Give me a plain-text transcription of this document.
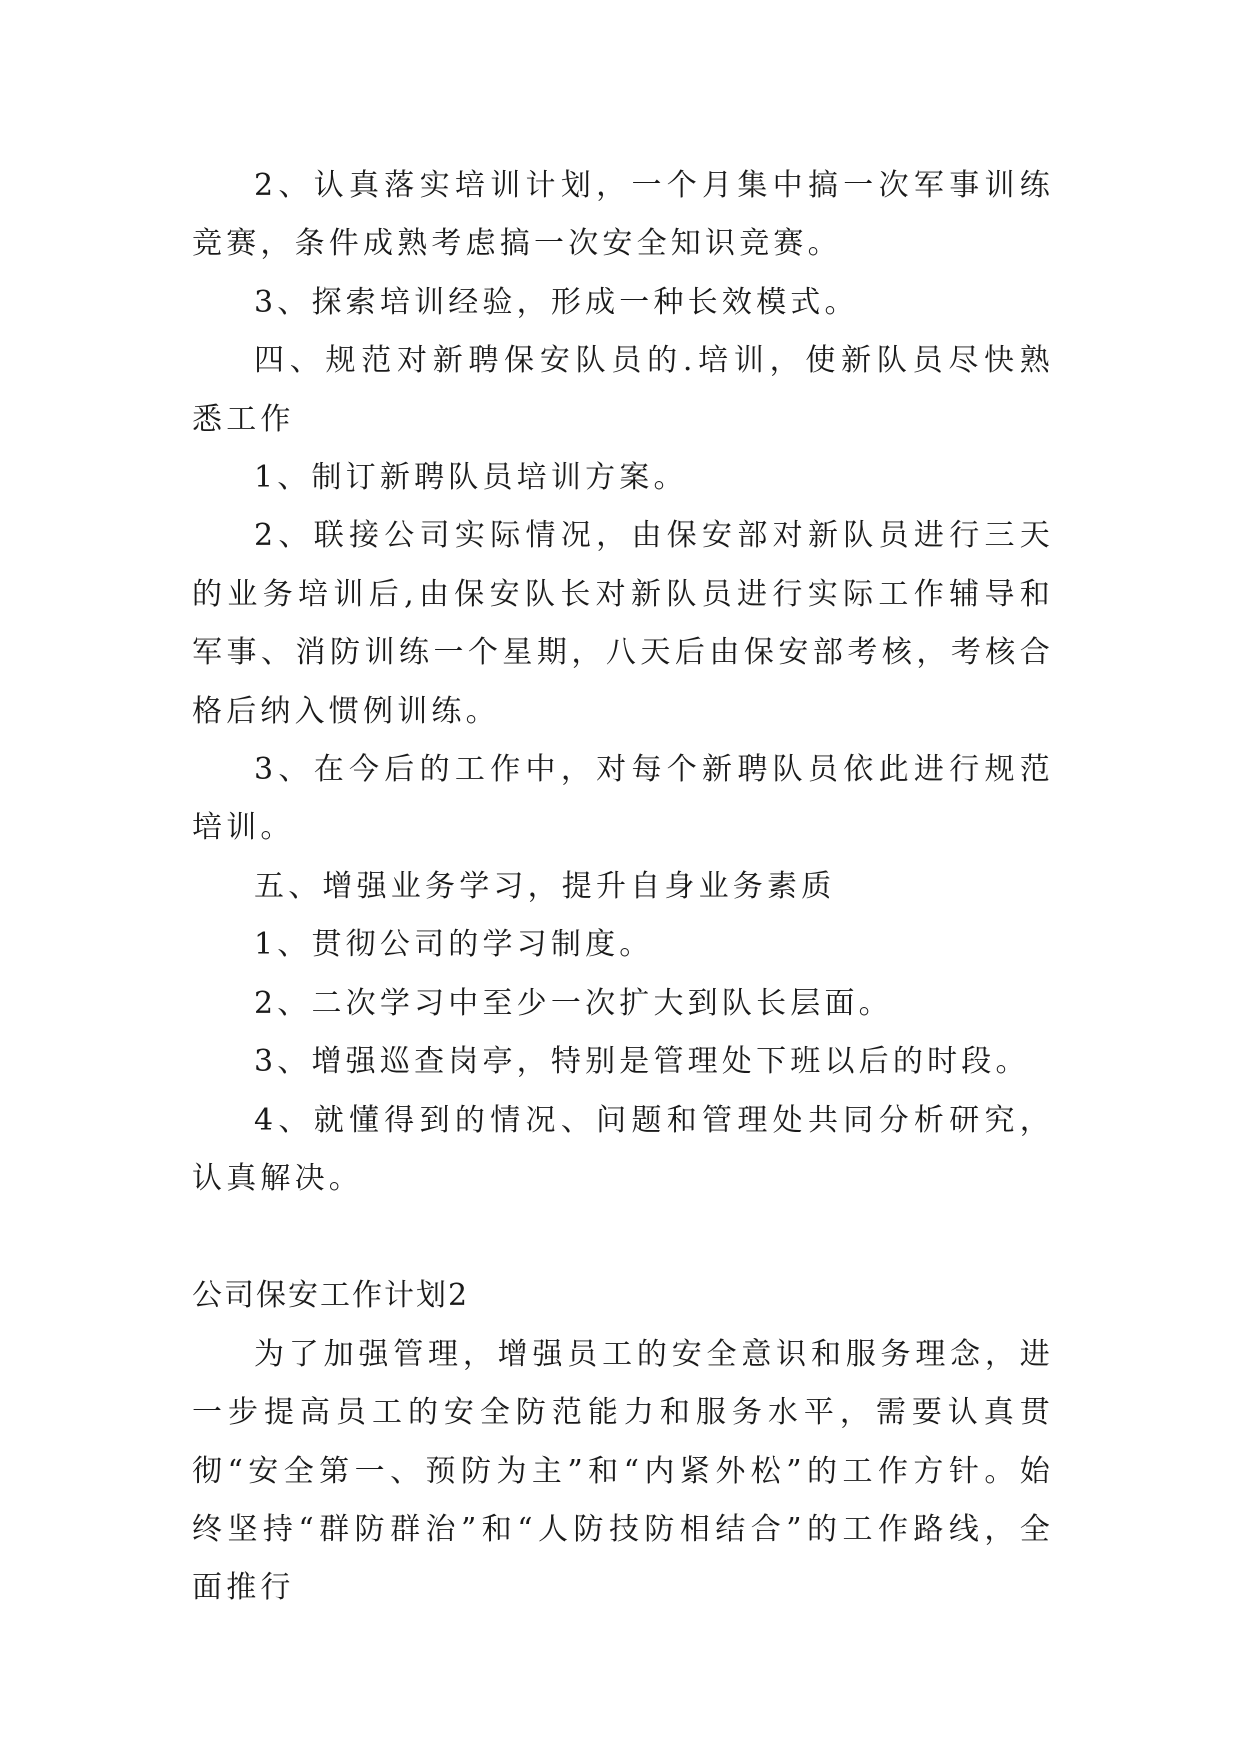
2、认真落实培训计划，一个月集中搞一次军事训练竞赛，条件成熟考虑搞一次安全知识竞赛。

3、探索培训经验，形成一种长效模式。

四、规范对新聘保安队员的.培训，使新队员尽快熟悉工作

1、制订新聘队员培训方案。

2、联接公司实际情况，由保安部对新队员进行三天的业务培训后,由保安队长对新队员进行实际工作辅导和军事、消防训练一个星期，八天后由保安部考核，考核合格后纳入惯例训练。

3、在今后的工作中，对每个新聘队员依此进行规范培训。

五、增强业务学习，提升自身业务素质

1、贯彻公司的学习制度。

2、二次学习中至少一次扩大到队长层面。

3、增强巡查岗亭，特别是管理处下班以后的时段。

4、就懂得到的情况、问题和管理处共同分析研究，认真解决。

公司保安工作计划2

为了加强管理，增强员工的安全意识和服务理念，进一步提高员工的安全防范能力和服务水平，需要认真贯彻“安全第一、预防为主”和“内紧外松”的工作方针。始终坚持“群防群治”和“人防技防相结合”的工作路线，全面推行
